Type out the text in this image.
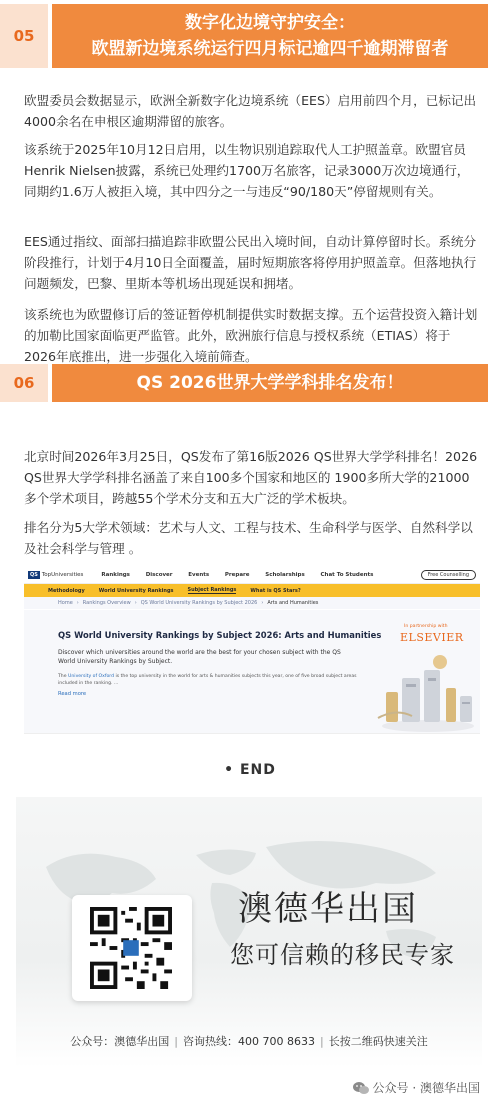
05
数字化边境守护安全：
欧盟新边境系统运行四月标记逾四千逾期滞留者
欧盟委员会数据显示，欧洲全新数字化边境系统（EES）启用前四个月，已标记出4000余名在申根区逾期滞留的旅客。
该系统于2025年10月12日启用，以生物识别追踪取代人工护照盖章。欧盟官员Henrik Nielsen披露，系统已处理约1700万名旅客，记录3000万次边境通行，同期约1.6万人被拒入境，其中四分之一与违反“90/180天”停留规则有关。
EES通过指纹、面部扫描追踪非欧盟公民出入境时间，自动计算停留时长。系统分阶段推行，计划于4月10日全面覆盖，届时短期旅客将停用护照盖章。但落地执行问题频发，巴黎、里斯本等机场出现延误和拥堵。
该系统也为欧盟修订后的签证暂停机制提供实时数据支撑。五个运营投资入籍计划的加勒比国家面临更严监管。此外，欧洲旅行信息与授权系统（ETIAS）将于2026年底推出，进一步强化入境前筛查。
06	QS 2026世界大学学科排名发布！
北京时间2026年3月25日，QS发布了第16版2026 QS世界大学学科排名！2026 QS世界大学学科排名涵盖了来自100多个国家和地区的 1900多所大学的21000多个学术项目，跨越55个学术分支和五大广泛的学术板块。
排名分为5大学术领域：艺术与人文、工程与技术、生命科学与医学、自然科学以及社会科学与管理 。
QS TopUniversities	Rankings	Discover	Events	Prepare	Scholarships	Chat To Students	Free Counselling
Methodology	World University Rankings	Subject Rankings	What is QS Stars?
Home › Rankings Overview › QS World University Rankings by Subject 2026 › Arts and Humanities
QS World University Rankings by Subject 2026: Arts and Humanities
Discover which universities around the world are the best for your chosen subject with the QS World University Rankings by Subject.
The University of Oxford is the top university in the world for arts & humanities subjects this year, one of five broad subject areas included in the ranking. ...
Read more
In partnership with
ELSEVIER
• END
澳德华出国
您可信赖的移民专家
公众号：澳德华出国 | 咨询热线：400 700 8633 | 长按二维码快速关注
公众号 · 澳德华出国
